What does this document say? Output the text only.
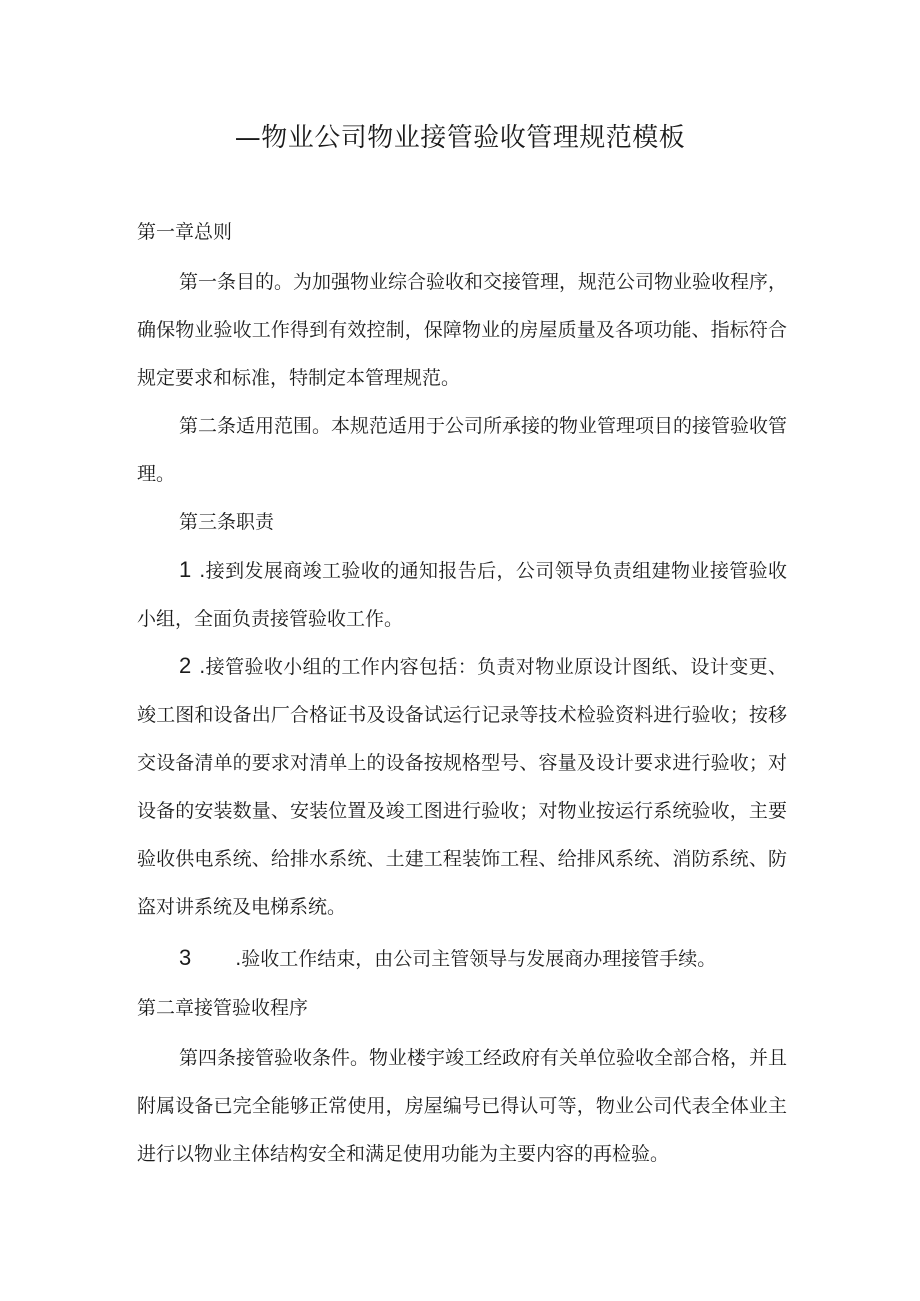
—物业公司物业接管验收管理规范模板
第一章总则
第一条目的。为加强物业综合验收和交接管理，规范公司物业验收程序，确保物业验收工作得到有效控制，保障物业的房屋质量及各项功能、指标符合规定要求和标准，特制定本管理规范。
第二条适用范围。本规范适用于公司所承接的物业管理项目的接管验收管理。
第三条职责
1 .接到发展商竣工验收的通知报告后，公司领导负责组建物业接管验收小组，全面负责接管验收工作。
2 .接管验收小组的工作内容包括：负责对物业原设计图纸、设计变更、竣工图和设备出厂合格证书及设备试运行记录等技术检验资料进行验收；按移交设备清单的要求对清单上的设备按规格型号、容量及设计要求进行验收；对设备的安装数量、安装位置及竣工图进行验收；对物业按运行系统验收，主要验收供电系统、给排水系统、土建工程装饰工程、给排风系统、消防系统、防盗对讲系统及电梯系统。
3 .验收工作结束，由公司主管领导与发展商办理接管手续。
第二章接管验收程序
第四条接管验收条件。物业楼宇竣工经政府有关单位验收全部合格，并且附属设备已完全能够正常使用，房屋编号已得认可等，物业公司代表全体业主进行以物业主体结构安全和满足使用功能为主要内容的再检验。
